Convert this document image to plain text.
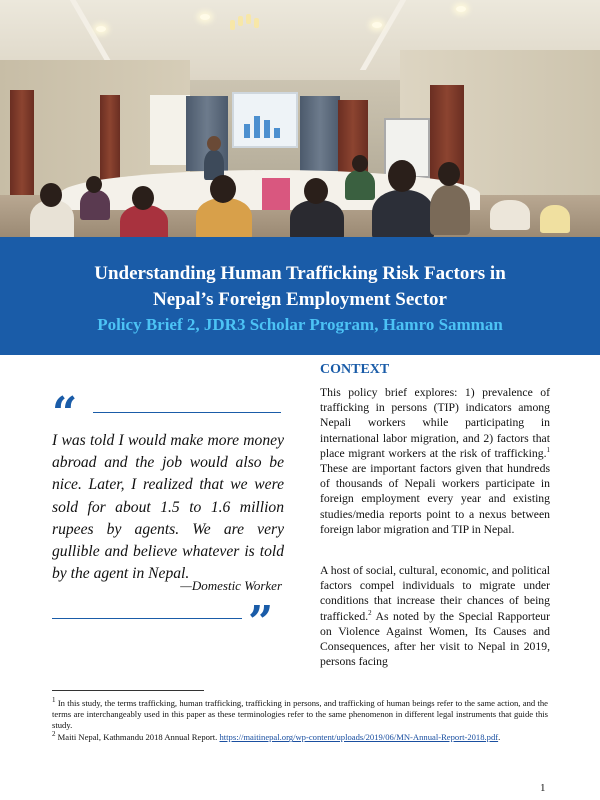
Understanding Human Trafficking Risk Factors in
Nepal’s Foreign Employment Sector
Policy Brief 2, JDR3 Scholar Program, Hamro Samman
“
I was told I would make more money abroad and the job would also be nice. Later, I realized that we were sold for about 1.5 to 1.6 million rupees by agents. We are very gullible and believe whatever is told by the agent in Nepal.
—Domestic Worker
”
CONTEXT
This policy brief explores: 1) prevalence of trafficking in persons (TIP) indicators among Nepali workers while participating in international labor migration, and 2) factors that place migrant workers at the risk of trafficking.$^1$ These are important factors given that hundreds of thousands of Nepali workers participate in foreign employment every year and existing studies/media reports point to a nexus between foreign labor migration and TIP in Nepal.
A host of social, cultural, economic, and political factors compel individuals to migrate under conditions that increase their chances of being trafficked.$^2$ As noted by the Special Rapporteur on Violence Against Women, Its Causes and Consequences, after her visit to Nepal in 2019, persons facing
$^1$ In this study, the terms trafficking, human trafficking, trafficking in persons, and trafficking of human beings refer to the same action, and the terms are interchangeably used in this paper as these terminologies refer to the same phenomenon in different legal instruments that guide this study.
$^2$ Maiti Nepal, Kathmandu 2018 Annual Report. https://maitinepal.org/wp-content/uploads/2019/06/MN-Annual-Report-2018.pdf.
1
